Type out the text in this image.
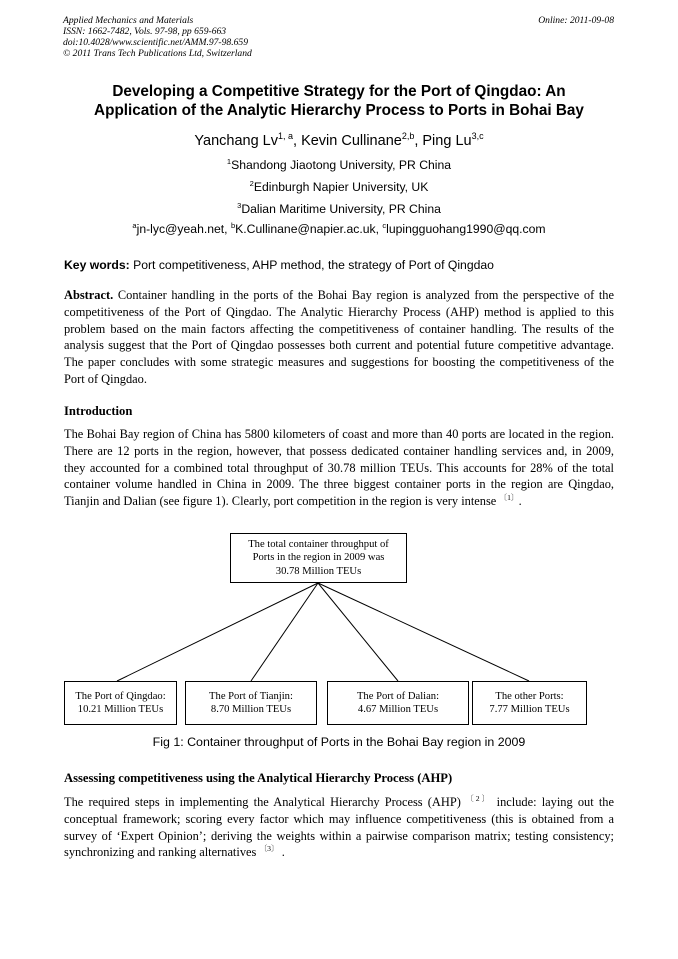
Applied Mechanics and Materials
ISSN: 1662-7482, Vols. 97-98, pp 659-663
doi:10.4028/www.scientific.net/AMM.97-98.659
© 2011 Trans Tech Publications Ltd, Switzerland
Online: 2011-09-08
Developing a Competitive Strategy for the Port of Qingdao: An
Application of the Analytic Hierarchy Process to Ports in Bohai Bay
Yanchang Lv$^{1, a}$, Kevin Cullinane$^{2,b}$, Ping Lu$^{3,c}$
$^1$Shandong Jiaotong University, PR China
$^2$Edinburgh Napier University, UK
$^3$Dalian Maritime University, PR China
$^a$jn-lyc@yeah.net, $^b$K.Cullinane@napier.ac.uk, $^c$lupingguohang1990@qq.com
Key words: Port competitiveness, AHP method, the strategy of Port of Qingdao
Abstract. Container handling in the ports of the Bohai Bay region is analyzed from the perspective of the competitiveness of the Port of Qingdao. The Analytic Hierarchy Process (AHP) method is applied to this problem based on the main factors affecting the competitiveness of container handling. The results of the analysis suggest that the Port of Qingdao possesses both current and potential future competitive advantage. The paper concludes with some strategic measures and suggestions for boosting the competitiveness of the Port of Qingdao.
Introduction
The Bohai Bay region of China has 5800 kilometers of coast and more than 40 ports are located in the region. There are 12 ports in the region, however, that possess dedicated container handling services and, in 2009, they accounted for a combined total throughput of 30.78 million TEUs. This accounts for 28% of the total container volume handled in China in 2009. The three biggest container ports in the region are Qingdao, Tianjin and Dalian (see figure 1). Clearly, port competition in the region is very intense $^{〔1〕}$.
The total container throughput of
Ports in the region in 2009 was
30.78 Million TEUs
The Port of Qingdao:
10.21 Million TEUs
The Port of Tianjin:
8.70 Million TEUs
The Port of Dalian:
4.67 Million TEUs
The other Ports:
7.77 Million TEUs
Fig 1: Container throughput of Ports in the Bohai Bay region in 2009
Assessing competitiveness using the Analytical Hierarchy Process (AHP)
The required steps in implementing the Analytical Hierarchy Process (AHP) $^{〔2〕}$ include: laying out the conceptual framework; scoring every factor which may influence competitiveness (this is obtained from a survey of ‘Expert Opinion’; deriving the weights within a pairwise comparison matrix; testing consistency; synchronizing and ranking alternatives $^{〔3〕}$ .
